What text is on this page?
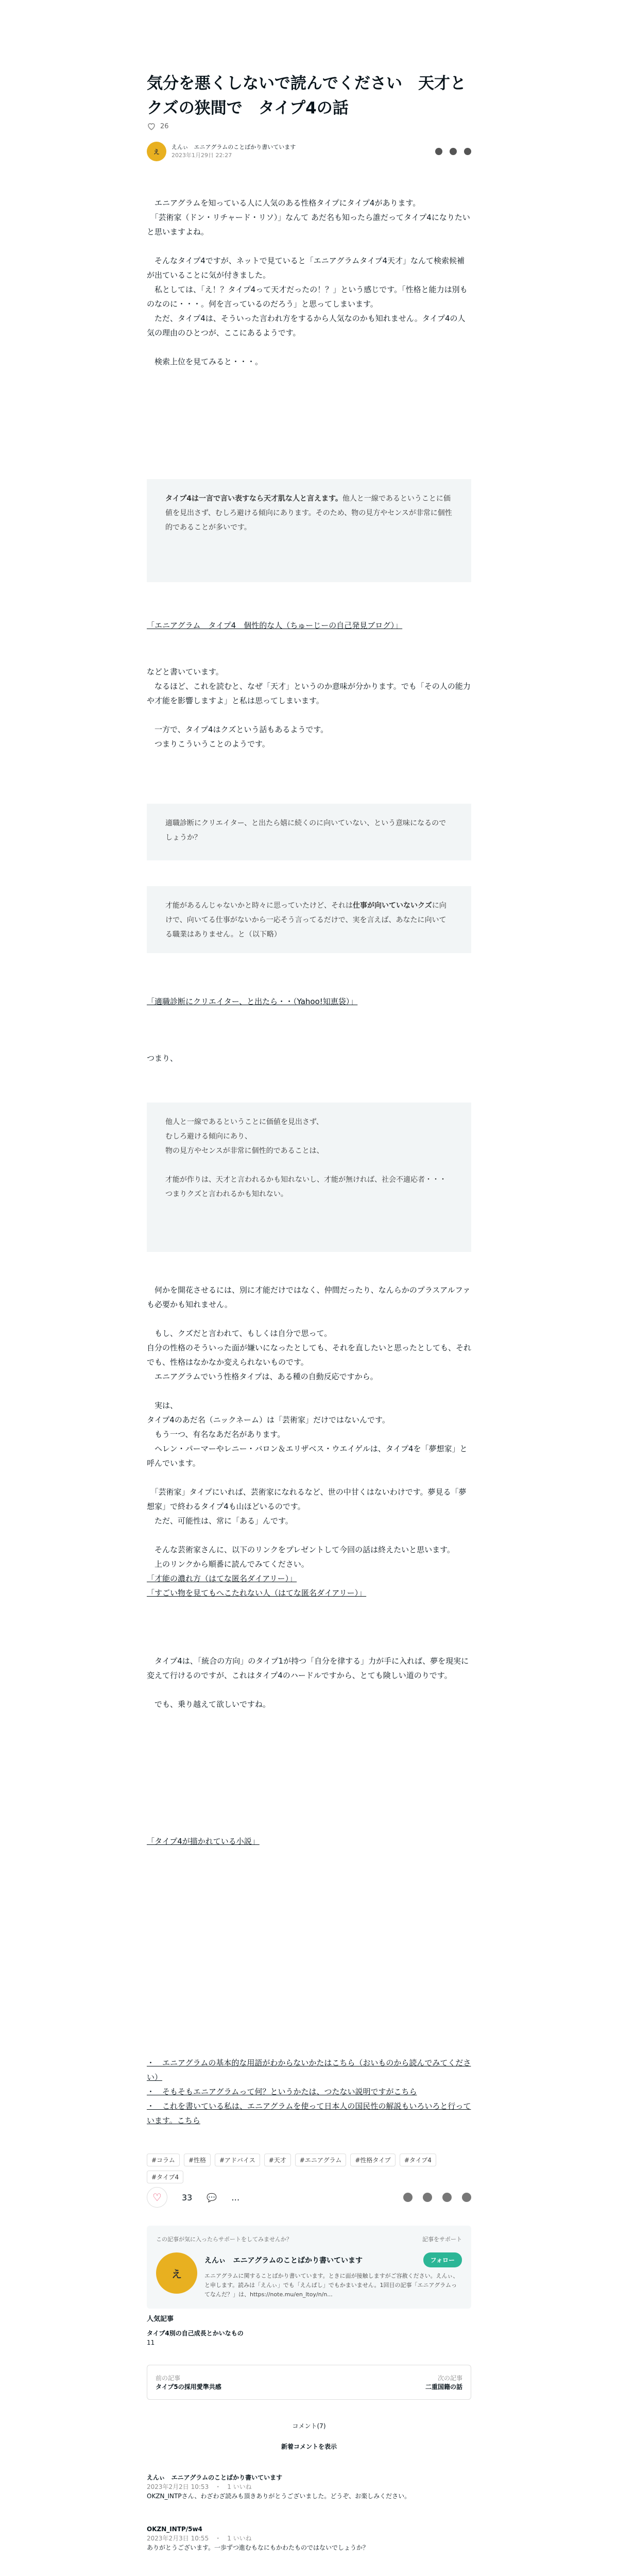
気分を悪くしないで読んでください　天才とクズの狭間で　タイプ4の話
26
え
えんぃ　エニアグラムのことばかり書いています
2023年1月29日 22:27

　エニアグラムを知っている人に人気のある性格タイプにタイプ4があります。

　「芸術家（ドン・リチャード・リソ）」なんて あだ名も知ったら誰だってタイプ4になりたいと思いますよね。

　そんなタイプ4ですが、ネットで見ていると「エニアグラムタイプ4天才」なんて検索候補が出ていることに気が付きました。

　私としては、「え！？タイプ4って天才だったの！？」という感じです。「性格と能力は別ものなのに・・・。何を言っているのだろう」と思ってしまいます。

　ただ、タイプ4は、そういった言われ方をするから人気なのかも知れません。タイプ4の人気の理由のひとつが、ここにあるようです。

　検索上位を見てみると・・・。

タイプ4は一言で言い表すなら天才肌な人と言えます。他人と一線であるということに価値を見出さず、むしろ避ける傾向にあります。そのため、物の見方やセンスが非常に個性的であることが多いです。
「エニアグラム　タイプ4　個性的な人（ちゅーじーの自己発見ブログ）」

などと書いています。

　なるほど、これを読むと、なぜ「天才」というのか意味が分かります。でも「その人の能力や才能を影響しますよ」と私は思ってしまいます。

　一方で、タイプ4はクズという話もあるようです。

　つまりこういうことのようです。

適職診断にクリエイター、と出たら嬉に続くのに向いていない、という意味になるのでしょうか？
才能があるんじゃないかと時々に思っていたけど、それは仕事が向いていないクズに向けで、向いてる仕事がないから一応そう言ってるだけで、実を言えば、あなたに向いてる職業はありません。と（以下略）
「適職診断にクリエイター、と出たら・・（Yahoo!知恵袋）」

つまり、

他人と一線であるということに価値を見出さず、

むしろ避ける傾向にあり、

物の見方やセンスが非常に個性的であることは、

才能が作りは、天才と言われるかも知れないし、才能が無ければ、社会不適応者・・・つまりクズと言われるかも知れない。

　何かを開花させるには、別に才能だけではなく、仲間だったり、なんらかのプラスアルファも必要かも知れません。

　もし、クズだと言われて、もしくは自分で思って。

自分の性格のそういった面が嫌いになったとしても、それを直したいと思ったとしても、それでも、性格はなかなか変えられないものです。

　エニアグラムでいう性格タイプは、ある種の自動反応ですから。

　実は、

タイプ4のあだ名（ニックネーム）は「芸術家」だけではないんです。

　もう一つ、有名なあだ名があります。

　ヘレン・パーマーやレニー・バロン＆エリザベス・ウエイゲルは、タイプ4を「夢想家」と呼んでいます。

　「芸術家」タイプにいれば、芸術家になれるなど、世の中甘くはないわけです。夢見る「夢想家」で終わるタイプ4も山ほどいるのです。

　ただ、可能性は、常に「ある」んです。

　そんな芸術家さんに、以下のリンクをプレゼントして今回の話は終えたいと思います。

　上のリンクから順番に読んでみてください。

「才能の濃れ方（はてな匿名ダイアリー）」

「すごい物を見てもへこたれない人（はてな匿名ダイアリー）」

　タイプ4は、「統合の方向」のタイプ1が持つ「自分を律する」力が手に入れば、夢を現実に変えて行けるのですが、これはタイプ4のハードルですから、とても険しい道のりです。

　でも、乗り越えて欲しいですね。

「タイプ4が描かれている小説」

・　エニアグラムの基本的な用語がわからないかたはこちら（おいものから読んでみてください）

・　そもそもエニアグラムって何？というかたは、つたない説明ですがこちら

・　これを書いている私は、エニアグラムを使って日本人の国民性の解説もいろいろと行っています。こちら

#コラム	#性格	#アドバイス	#天才	#エニアグラム	#性格タイプ	#タイプ4
#タイプ4
♡ 33 💬 …
この記事が気に入ったらサポートをしてみませんか？	記事をサポート
え
えんぃ　エニアグラムのことばかり書いています	フォロー

エニアグラムに関することばかり書いています。ときに面が接触しますがご容赦ください。えんぃ、と申します。読みは「えんぃ」でも「えんぱし」でもかまいません。1回目の記事「エニアグラムってなんだ？」は、https://note.mu/en_ltoy/n/n...

人気記事

タイプ4別の自己成長とかいなもの

11

前の記事

タイプ5の採用愛準共感

次の記事

二重国籍の話

コメント(7)
新着コメントを表示

えんぃ　エニアグラムのことばかり書いています

2023年2月2日 10:53　・　1 いいね

OKZN_INTPさん、わざわざ読みも頂きありがとうございました。どうぞ、お楽しみください。

OKZN_INTP/5w4

2023年2月3日 10:55　・　1 いいね

ありがとうございます。一歩ずつ進むもなにもかわたものではないでしょうか？
